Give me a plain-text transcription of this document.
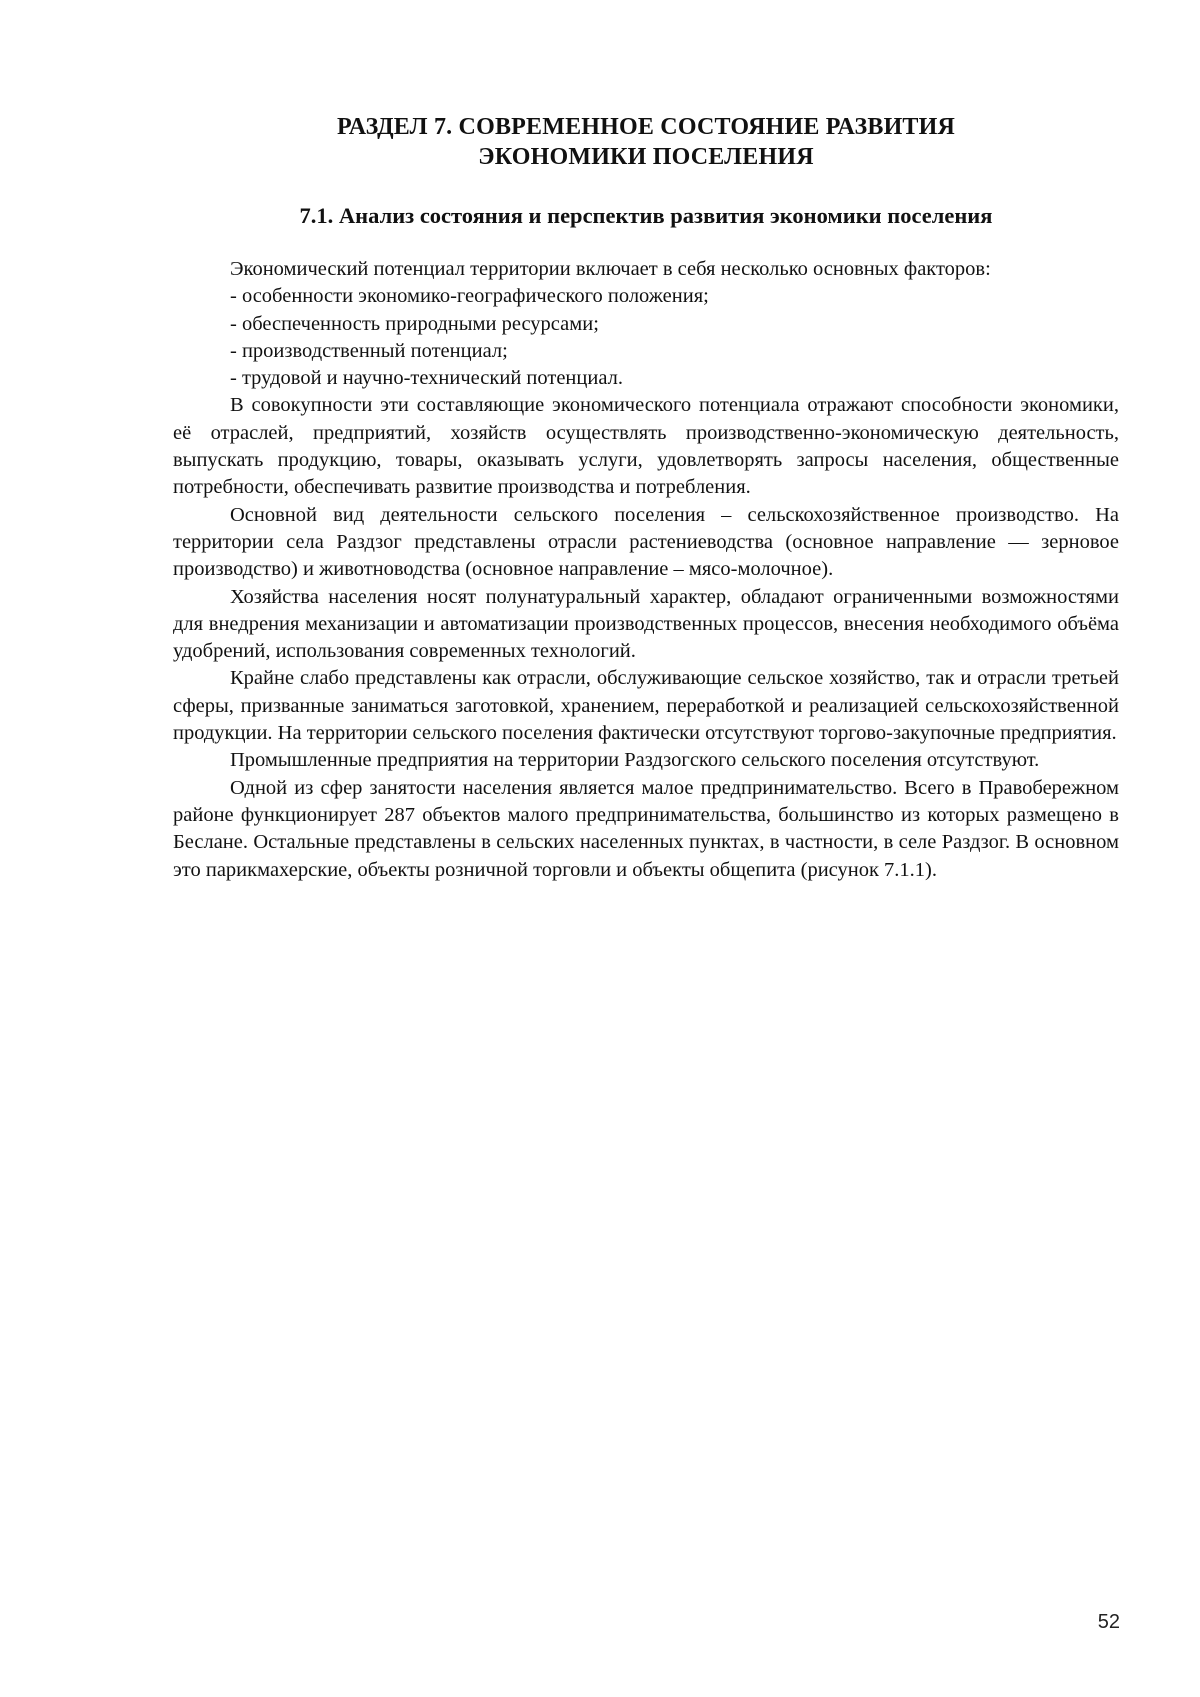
РАЗДЕЛ 7. СОВРЕМЕННОЕ СОСТОЯНИЕ РАЗВИТИЯ
ЭКОНОМИКИ ПОСЕЛЕНИЯ
7.1. Анализ состояния и перспектив развития экономики поселения

Экономический потенциал территории включает в себя несколько основных факторов:

- особенности экономико-географического положения;

- обеспеченность природными ресурсами;

- производственный потенциал;

- трудовой и научно-технический потенциал.

В совокупности эти составляющие экономического потенциала отражают способности экономики, её отраслей, предприятий, хозяйств осуществлять производственно-экономическую деятельность, выпускать продукцию, товары, оказывать услуги, удовлетворять запросы населения, общественные потребности, обеспечивать развитие производства и потребления.

Основной вид деятельности сельского поселения – сельскохозяйственное производство. На территории села Раздзог представлены отрасли растениеводства (основное направление — зерновое производство) и животноводства (основное направление – мясо-молочное).

Хозяйства населения носят полунатуральный характер, обладают ограниченными возможностями для внедрения механизации и автоматизации производственных процессов, внесения необходимого объёма удобрений, использования современных технологий.

Крайне слабо представлены как отрасли, обслуживающие сельское хозяйство, так и отрасли третьей сферы, призванные заниматься заготовкой, хранением, переработкой и реализацией сельскохозяйственной продукции. На территории сельского поселения фактически отсутствуют торгово-закупочные предприятия.

Промышленные предприятия на территории Раздзогского сельского поселения отсутствуют.

Одной из сфер занятости населения является малое предпринимательство. Всего в Правобережном районе функционирует 287 объектов малого предпринимательства, большинство из которых размещено в Беслане. Остальные представлены в сельских населенных пунктах, в частности, в селе Раздзог. В основном это парикмахерские, объекты розничной торговли и объекты общепита (рисунок 7.1.1).

52
